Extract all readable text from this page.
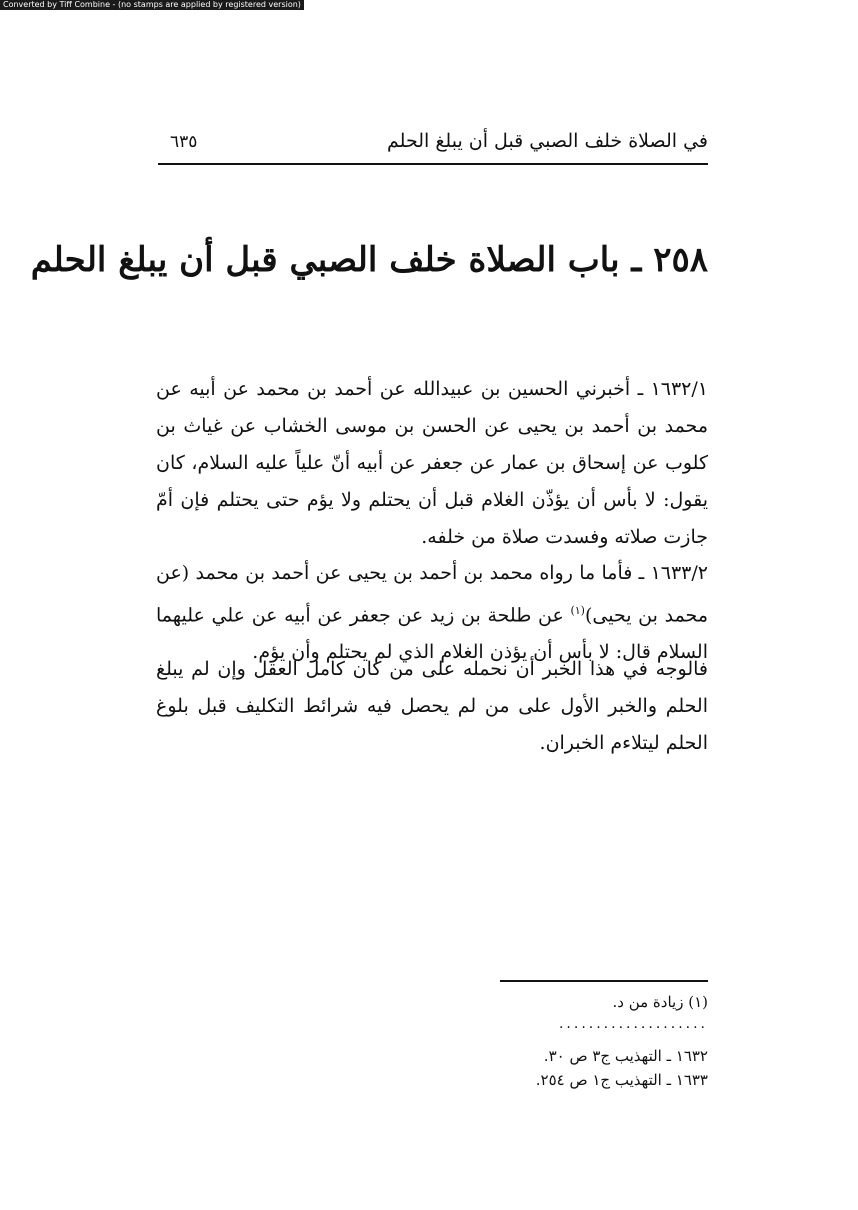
Converted by Tiff Combine - (no stamps are applied by registered version)
في الصلاة خلف الصبي قبل أن يبلغ الحلم
٦٣٥
٢٥٨ ـ باب الصلاة خلف الصبي قبل أن يبلغ الحلم

١٦٣٢/١ ـ أخبرني الحسين بن عبيدالله عن أحمد بن محمد عن أبيه عن محمد بن أحمد بن يحيى عن الحسن بن موسى الخشاب عن غياث بن كلوب عن إسحاق بن عمار عن جعفر عن أبيه أنّ علياً عليه السلام، كان يقول: لا بأس أن يؤذّن الغلام قبل أن يحتلم ولا يؤم حتى يحتلم فإن أمّ جازت صلاته وفسدت صلاة من خلفه.

١٦٣٣/٢ ـ فأما ما رواه محمد بن أحمد بن يحيى عن أحمد بن محمد (عن محمد بن يحيى)$^{(١)}$ عن طلحة بن زيد عن جعفر عن أبيه عن علي عليهما السلام قال: لا بأس أن يؤذن الغلام الذي لم يحتلم وأن يؤم.

فالوجه في هذا الخبر أن نحمله على من كان كامل العقل وإن لم يبلغ الحلم والخبر الأول على من لم يحصل فيه شرائط التكليف قبل بلوغ الحلم ليتلاءم الخبران.

(١) زيادة من د.
....................
١٦٣٢ ـ التهذيب ج٣ ص ٣٠.
١٦٣٣ ـ التهذيب ج١ ص ٢٥٤.
